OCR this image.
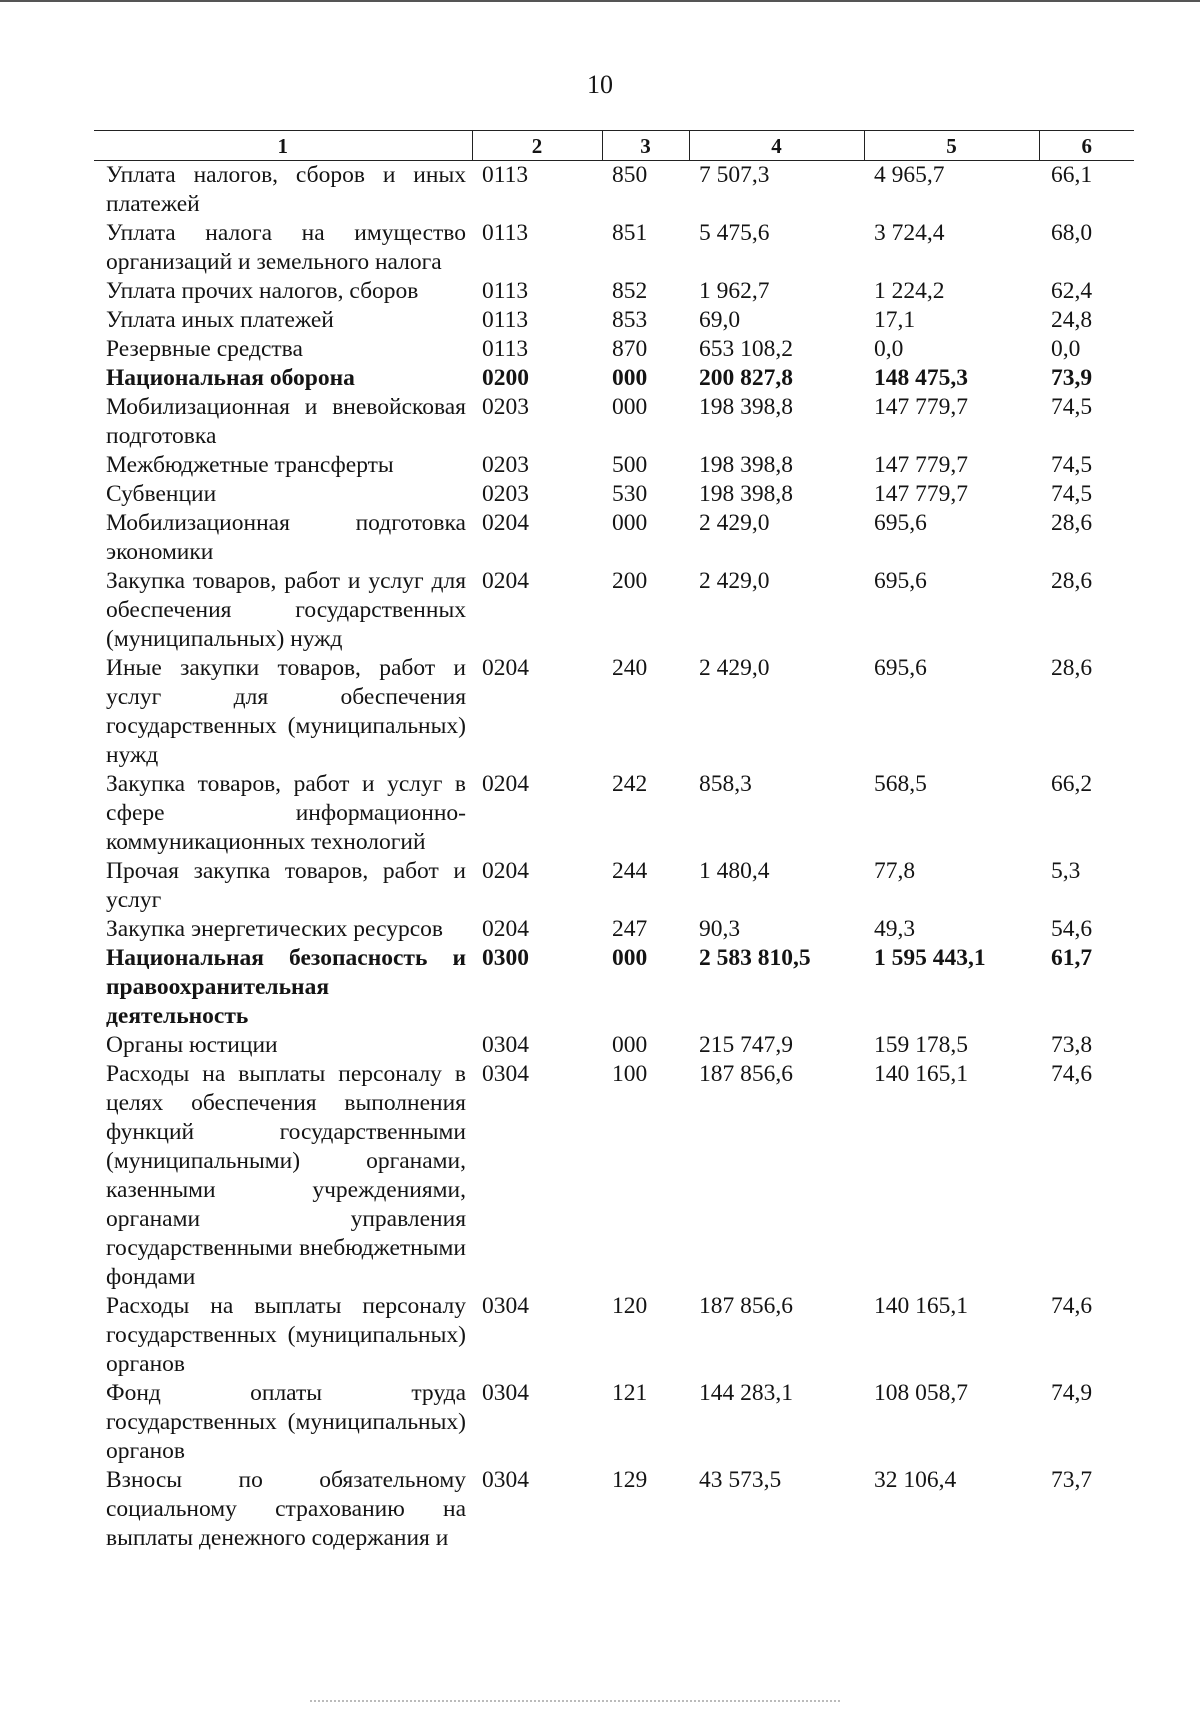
10
1	2	3	4	5	6
Уплата налогов, сборов и иных платежей	0113	850	7 507,3	4 965,7	66,1
Уплата налога на имущество организаций и земельного налога	0113	851	5 475,6	3 724,4	68,0
Уплата прочих налогов, сборов	0113	852	1 962,7	1 224,2	62,4
Уплата иных платежей	0113	853	69,0	17,1	24,8
Резервные средства	0113	870	653 108,2	0,0	0,0
Национальная оборона	0200	000	200 827,8	148 475,3	73,9
Мобилизационная и вневойсковая подготовка	0203	000	198 398,8	147 779,7	74,5
Межбюджетные трансферты	0203	500	198 398,8	147 779,7	74,5
Субвенции	0203	530	198 398,8	147 779,7	74,5
Мобилизационная подготовка экономики	0204	000	2 429,0	695,6	28,6
Закупка товаров, работ и услуг для обеспечения государственных (муниципальных) нужд	0204	200	2 429,0	695,6	28,6
Иные закупки товаров, работ и услуг для обеспечения государственных (муниципальных) нужд	0204	240	2 429,0	695,6	28,6
Закупка товаров, работ и услуг в сфере информационно-коммуникационных технологий	0204	242	858,3	568,5	66,2
Прочая закупка товаров, работ и услуг	0204	244	1 480,4	77,8	5,3
Закупка энергетических ресурсов	0204	247	90,3	49,3	54,6
Национальная безопасность и правоохранительная деятельность	0300	000	2 583 810,5	1 595 443,1	61,7
Органы юстиции	0304	000	215 747,9	159 178,5	73,8
Расходы на выплаты персоналу в целях обеспечения выполнения функций государственными (муниципальными) органами, казенными учреждениями, органами управления государственными внебюджетными фондами	0304	100	187 856,6	140 165,1	74,6
Расходы на выплаты персоналу государственных (муниципальных) органов	0304	120	187 856,6	140 165,1	74,6
Фонд оплаты труда государственных (муниципальных) органов	0304	121	144 283,1	108 058,7	74,9
Взносы по обязательному социальному страхованию на выплаты денежного содержания и	0304	129	43 573,5	32 106,4	73,7
